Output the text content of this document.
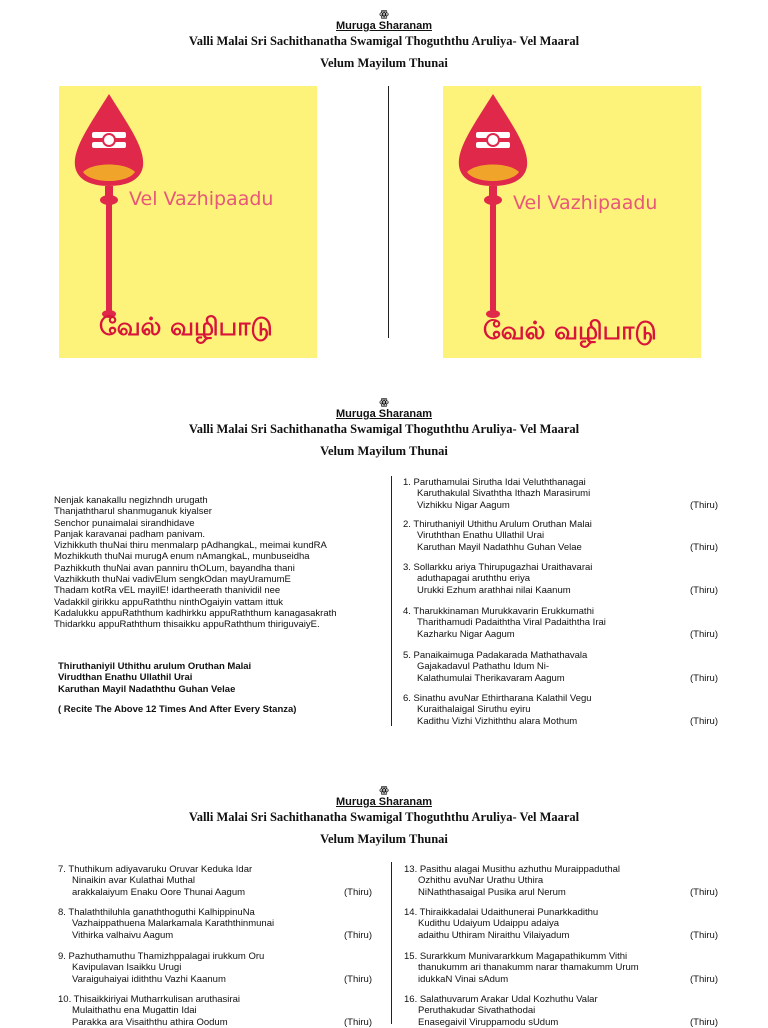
ꙮ
Muruga Sharanam
Valli Malai Sri Sachithanatha Swamigal Thoguththu Aruliya- Vel Maaral
Velum Mayilum Thunai
Vel Vazhipaadu
வேல் வழிபாடு
Vel Vazhipaadu
வேல் வழிபாடு
ꙮ
Muruga Sharanam
Valli Malai Sri Sachithanatha Swamigal Thoguththu Aruliya- Vel Maaral
Velum Mayilum Thunai
Nenjak kanakallu negizhndh urugath
Thanjaththarul shanmuganuk kiyalser
Senchor punaimalai sirandhidave
Panjak karavanai padham panivam.
Vizhikkuth thuNai thiru menmalarp pAdhangkaL, meimai kundRA
Mozhikkuth thuNai murugA enum nAmangkaL, munbuseidha
Pazhikkuth thuNai avan panniru thOLum, bayandha thani
Vazhikkuth thuNai vadivElum sengkOdan mayUramumE
Thadam kotRa vEL mayilE! idartheerath thanividil nee
Vadakkil girikku appuRaththu ninthOgaiyin vattam ittuk
Kadalukku appuRaththum kadhirkku appuRaththum kanagasakrath
Thidarkku appuRaththum thisaikku appuRaththum thiriguvaiyE.
Thiruthaniyil Uthithu arulum Oruthan Malai
Virudthan Enathu Ullathil Urai
Karuthan Mayil Nadaththu Guhan Velae
( Recite The Above 12 Times And After Every Stanza)
1. Paruthamulai Sirutha Idai Veluththanagai
Karuthakulal Sivaththa Ithazh Marasirumi
Vizhikku Nigar Aagum	(Thiru)
2. Thiruthaniyil Uthithu Arulum Oruthan Malai
Viruththan Enathu Ullathil Urai
Karuthan Mayil Nadathhu Guhan Velae	(Thiru)
3. Sollarkku ariya Thirupugazhai Uraithavarai
aduthapagai aruththu eriya
Urukki Ezhum arathhai nilai Kaanum	(Thiru)
4. Tharukkinaman Murukkavarin Erukkumathi
Tharithamudi Padaiththa Viral Padaiththa Irai
Kazharku Nigar Aagum	(Thiru)
5. Panaikaimuga Padakarada Mathathavala
Gajakadavul Pathathu Idum Ni-
Kalathumulai Therikavaram Aagum	(Thiru)
6. Sinathu avuNar Ethirtharana Kalathil Vegu
Kuraithalaigal Siruthu eyiru
Kadithu Vizhi Vizhiththu alara Mothum	(Thiru)
ꙮ
Muruga Sharanam
Valli Malai Sri Sachithanatha Swamigal Thoguththu Aruliya- Vel Maaral
Velum Mayilum Thunai
7. Thuthikum adiyavaruku Oruvar Keduka Idar
Ninaikin avar Kulathai Muthal
arakkalaiyum Enaku Oore Thunai Aagum	(Thiru)
8. Thalaththiluhla ganaththoguthi KalhippinuNa
Vazhaippathuena Malarkamala Karaththinmunai
Vithirka valhaivu Aagum	(Thiru)
9. Pazhuthamuthu Thamizhppalagai irukkum Oru
Kavipulavan Isaikku Urugi
Varaiguhaiyai idiththu Vazhi Kaanum	(Thiru)
10. Thisaikkiriyai Mutharrkulisan aruthasirai
Mulaithathu ena Mugattin Idai
Parakka ara Visaiththu athira Oodum	(Thiru)
13. Pasithu alagai Musithu azhuthu Muraippaduthal
Ozhithu avuNar Urathu Uthira
NiNaththasaigal Pusika arul Nerum	(Thiru)
14. Thiraikkadalai Udaithunerai Punarkkadithu
Kudithu Udaiyum Udaippu adaiya
adaithu Uthiram Niraithu Vilaiyadum	(Thiru)
15. Surarkkum Munivararkkum Magapathikumm Vithi
thanukumm ari thanakumm narar thamakumm Urum
idukkaN Vinai sAdum	(Thiru)
16. Salathuvarum Arakar Udal Kozhuthu Valar
Peruthakudar Sivathathodai
Enasegaivil Viruppamodu sUdum	(Thiru)
